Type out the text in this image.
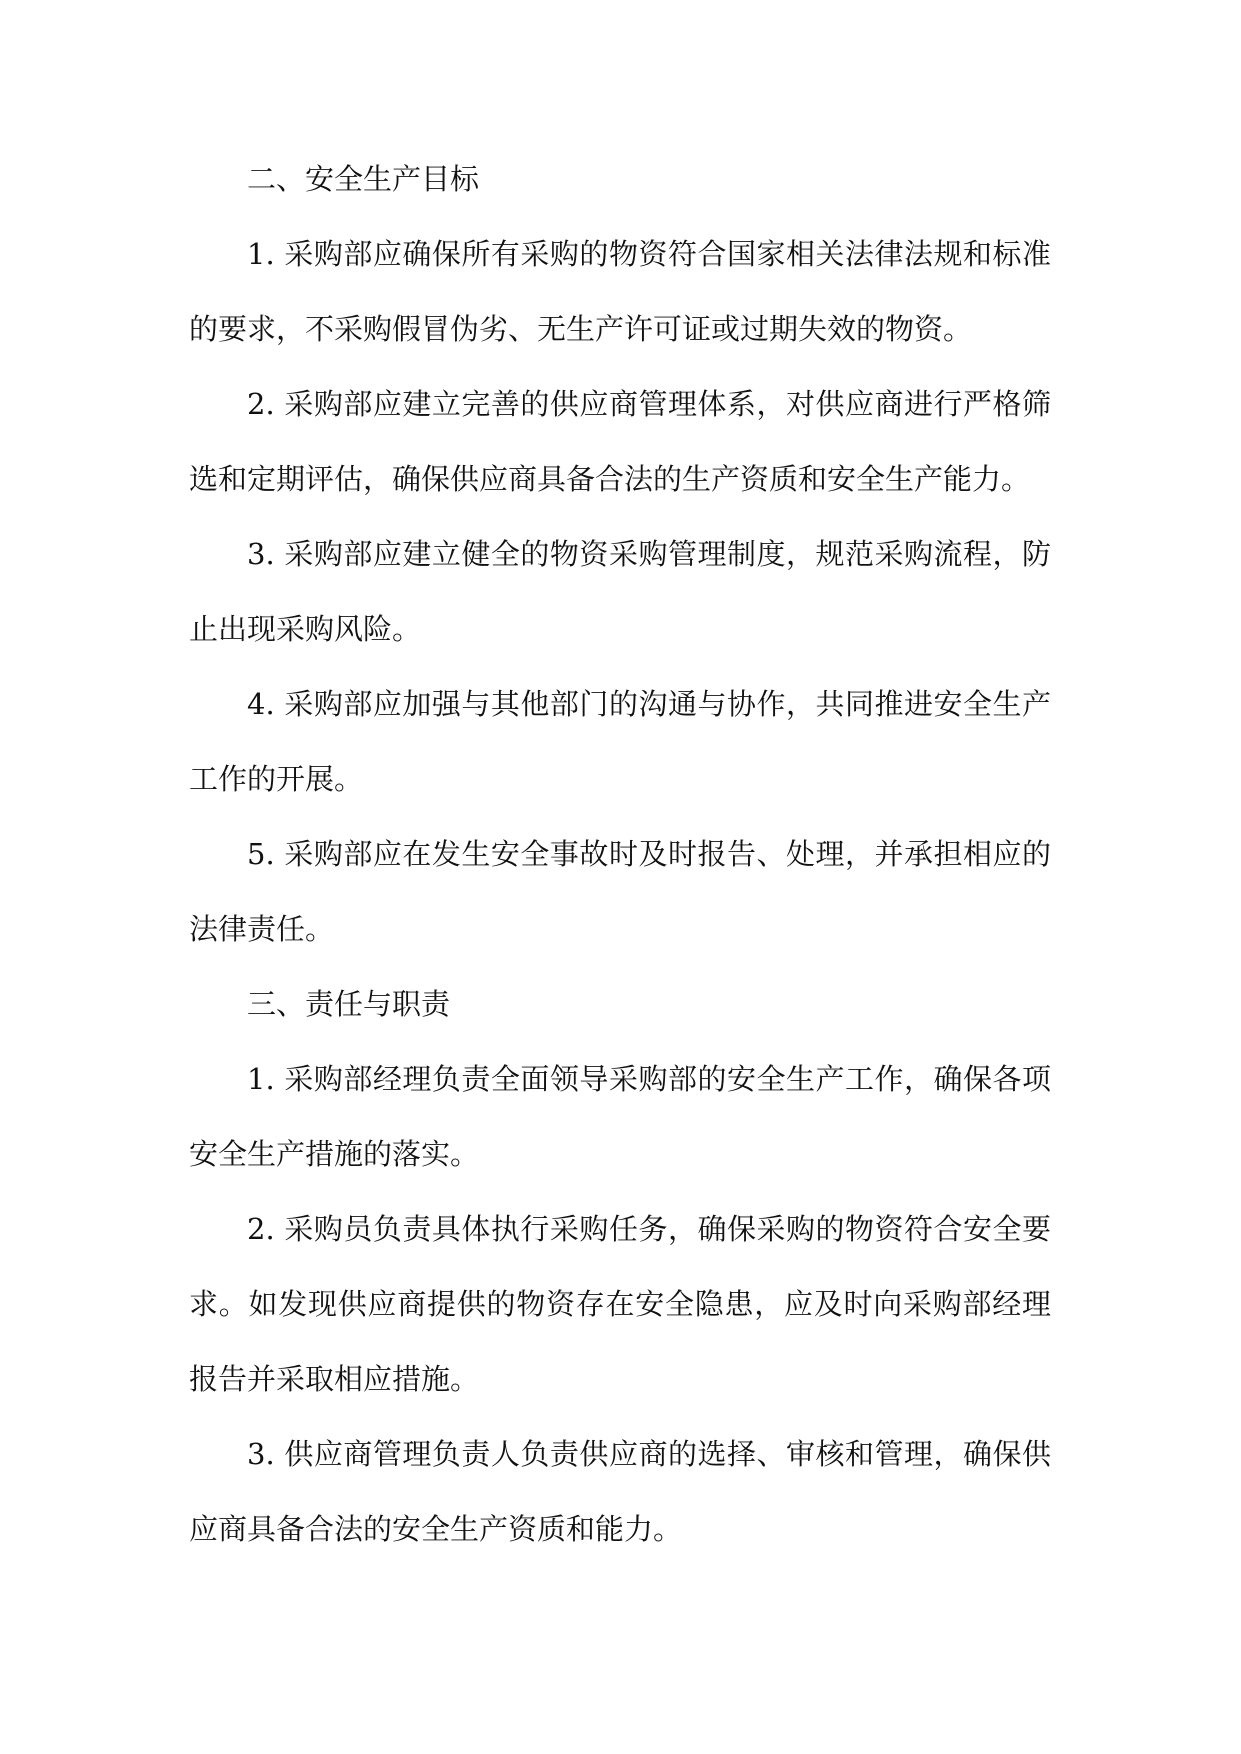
二、安全生产目标

1. 采购部应确保所有采购的物资符合国家相关法律法规和标准的要求，不采购假冒伪劣、无生产许可证或过期失效的物资。

2. 采购部应建立完善的供应商管理体系，对供应商进行严格筛选和定期评估，确保供应商具备合法的生产资质和安全生产能力。

3. 采购部应建立健全的物资采购管理制度，规范采购流程，防止出现采购风险。

4. 采购部应加强与其他部门的沟通与协作，共同推进安全生产工作的开展。

5. 采购部应在发生安全事故时及时报告、处理，并承担相应的法律责任。

三、责任与职责

1. 采购部经理负责全面领导采购部的安全生产工作，确保各项安全生产措施的落实。

2. 采购员负责具体执行采购任务，确保采购的物资符合安全要求。如发现供应商提供的物资存在安全隐患，应及时向采购部经理报告并采取相应措施。

3. 供应商管理负责人负责供应商的选择、审核和管理，确保供应商具备合法的安全生产资质和能力。
